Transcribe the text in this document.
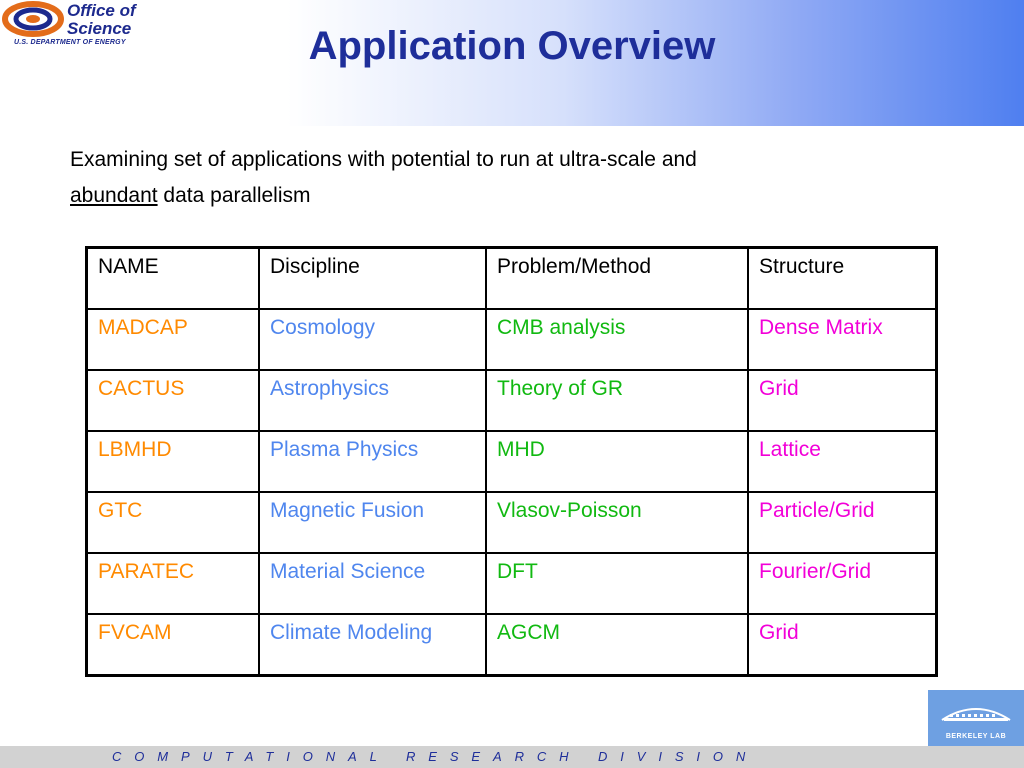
Office of
Science
U.S. DEPARTMENT OF ENERGY	Application Overview
Examining set of applications with potential to run at ultra-scale and
abundant data parallelism
NAME	Discipline	Problem/Method	Structure
MADCAP	Cosmology	CMB analysis	Dense Matrix
CACTUS	Astrophysics	Theory of GR	Grid
LBMHD	Plasma Physics	MHD	Lattice
GTC	Magnetic Fusion	Vlasov-Poisson	Particle/Grid
PARATEC	Material Science	DFT	Fourier/Grid
FVCAM	Climate Modeling	AGCM	Grid
COMPUTATIONAL RESEARCH DIVISION
BERKELEY LAB
